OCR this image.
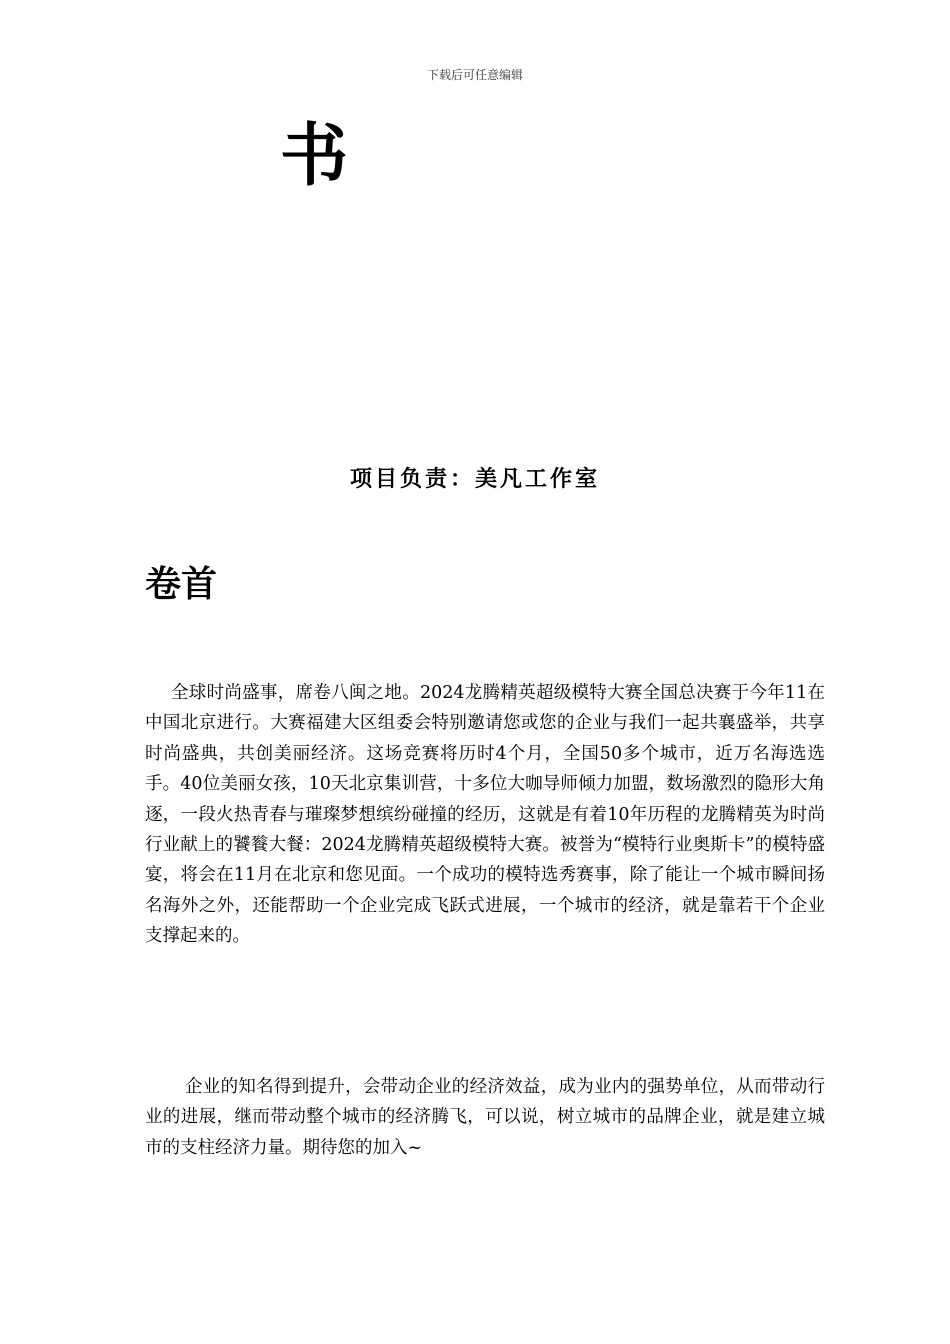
下载后可任意编辑
书
项目负责：美凡工作室
卷首

全球时尚盛事，席卷八闽之地。2024龙腾精英超级模特大赛全国总决赛于今年11在中国北京进行。大赛福建大区组委会特别邀请您或您的企业与我们一起共襄盛举，共享时尚盛典，共创美丽经济。这场竞赛将历时4个月，全国50多个城市，近万名海选选手。40位美丽女孩，10天北京集训营，十多位大咖导师倾力加盟，数场激烈的隐形大角逐，一段火热青春与璀璨梦想缤纷碰撞的经历，这就是有着10年历程的龙腾精英为时尚行业献上的饕餮大餐：2024龙腾精英超级模特大赛。被誉为“模特行业奥斯卡”的模特盛宴，将会在11月在北京和您见面。一个成功的模特选秀赛事，除了能让一个城市瞬间扬名海外之外，还能帮助一个企业完成飞跃式进展，一个城市的经济，就是靠若干个企业支撑起来的。

企业的知名得到提升，会带动企业的经济效益，成为业内的强势单位，从而带动行业的进展，继而带动整个城市的经济腾飞，可以说，树立城市的品牌企业，就是建立城市的支柱经济力量。期待您的加入~
